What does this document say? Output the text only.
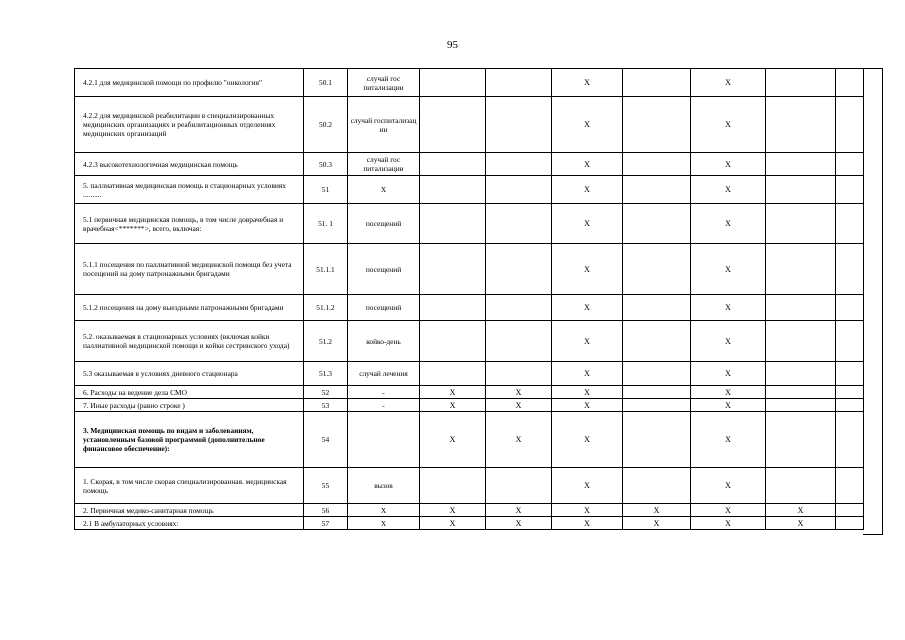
95
4.2.1 для медицинской помощи по профилю "онкология"	50.1	случай гос питализации			X		X		
4.2.2 для медицинской реабилитации в специализированных медицинских организациях и реабилитационных отделениях медицинских организаций	50.2	случай госпитализац ии			X		X		
4.2.3 высокотехнологичная медицинская помощь	50.3	случай гос питализации			X		X		
5. паллиативная медицинская помощь в стационарных условиях ..........	51	X			X		X		
5.1 первичная медицинская помощь, в том числе доврачебная и врачебная<*******>, всего, включая:	51. 1	посещений			X		X		
5.1.1 посещения по паллиативной медицинской помощи без учета посещений на дому патронажными бригадами	51.1.1	посещений			X		X		
5.1.2 посещения на дому выездными патронажными бригадами	51.1.2	посещений			X		X		
5.2. оказываемая в стационарных условиях (включая койки паллиативной медицинской помощи и койки сестринского ухода)	51.2	койко-день			X		X		
5.3 оказываемая в условиях дневного стационара	51.3	случай лечения			X		X		
6. Расходы на ведение дела СМО	52	-	X	X	X		X		
7. Иные расходы (равно строке )	53	-	X	X	X		X		
3. Медицинская помощь по видам и заболеваниям, установленным базовой программой (дополнительное финансовое обеспечение):	54		X	X	X		X		
1. Скорая, в том числе скорая специализированная. медицинская помощь	55	вызов			X		X		
2. Первичная медико-санитарная помощь	56	X	X	X	X	X	X	X	
2.1 В амбулаторных условиях:	57	X	X	X	X	X	X	X	
